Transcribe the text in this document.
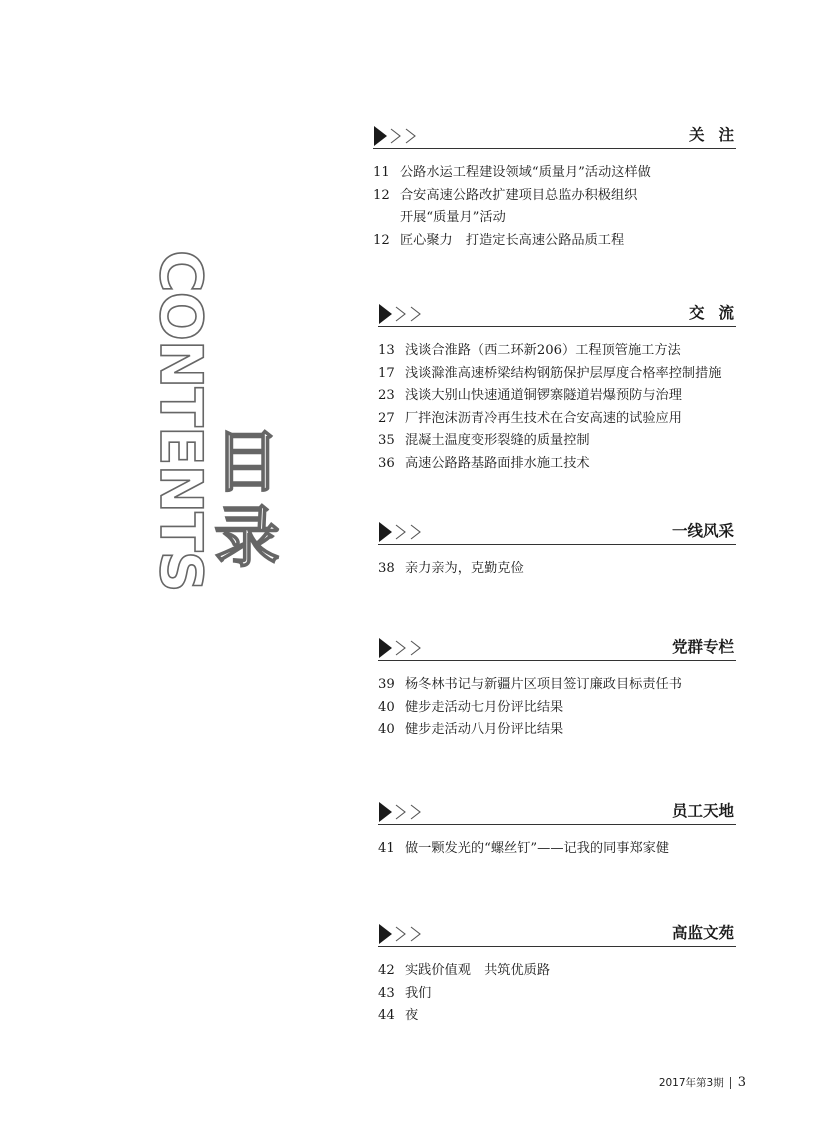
CONTENTS 目
录
关注
11 公路水运工程建设领域“质量月”活动这样做
12 合安高速公路改扩建项目总监办积极组织
开展“质量月”活动
12 匠心聚力　打造定长高速公路品质工程
交流
13 浅谈合淮路（西二环新206）工程顶管施工方法
17 浅谈滁淮高速桥梁结构钢筋保护层厚度合格率控制措施
23 浅谈大别山快速通道铜锣寨隧道岩爆预防与治理
27 厂拌泡沫沥青冷再生技术在合安高速的试验应用
35 混凝土温度变形裂缝的质量控制
36 高速公路路基路面排水施工技术
一线风采
38 亲力亲为，克勤克俭
党群专栏
39 杨冬林书记与新疆片区项目签订廉政目标责任书
40 健步走活动七月份评比结果
40 健步走活动八月份评比结果
员工天地
41 做一颗发光的“螺丝钉”——记我的同事郑家健
高监文苑
42 实践价值观　共筑优质路
43 我们
44 夜
2017年第3期 3
